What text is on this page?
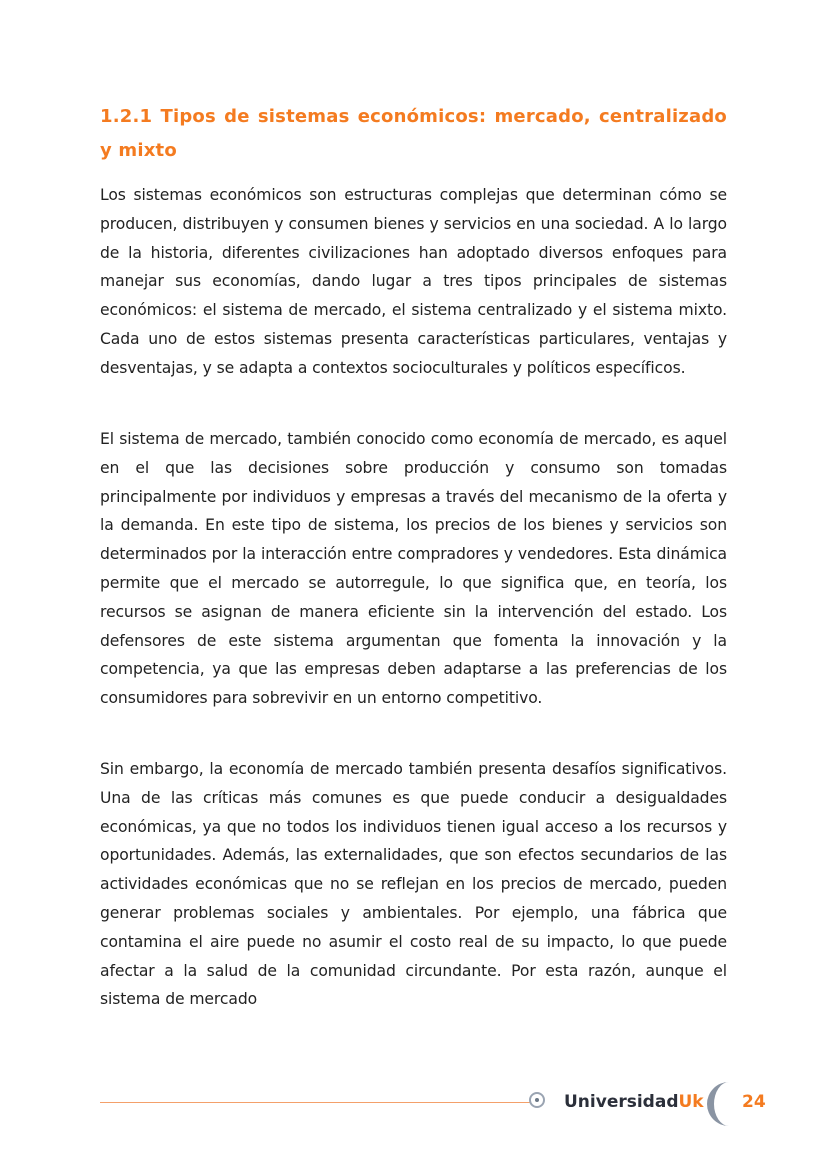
1.2.1 Tipos de sistemas económicos: mercado, centralizado y mixto

Los sistemas económicos son estructuras complejas que determinan cómo se producen, distribuyen y consumen bienes y servicios en una sociedad. A lo largo de la historia, diferentes civilizaciones han adoptado diversos enfoques para manejar sus economías, dando lugar a tres tipos principales de sistemas económicos: el sistema de mercado, el sistema centralizado y el sistema mixto. Cada uno de estos sistemas presenta características particulares, ventajas y desventajas, y se adapta a contextos socioculturales y políticos específicos.

El sistema de mercado, también conocido como economía de mercado, es aquel en el que las decisiones sobre producción y consumo son tomadas principalmente por individuos y empresas a través del mecanismo de la oferta y la demanda. En este tipo de sistema, los precios de los bienes y servicios son determinados por la interacción entre compradores y vendedores. Esta dinámica permite que el mercado se autorregule, lo que significa que, en teoría, los recursos se asignan de manera eficiente sin la intervención del estado. Los defensores de este sistema argumentan que fomenta la innovación y la competencia, ya que las empresas deben adaptarse a las preferencias de los consumidores para sobrevivir en un entorno competitivo.

Sin embargo, la economía de mercado también presenta desafíos significativos. Una de las críticas más comunes es que puede conducir a desigualdades económicas, ya que no todos los individuos tienen igual acceso a los recursos y oportunidades. Además, las externalidades, que son efectos secundarios de las actividades económicas que no se reflejan en los precios de mercado, pueden generar problemas sociales y ambientales. Por ejemplo, una fábrica que contamina el aire puede no asumir el costo real de su impacto, lo que puede afectar a la salud de la comunidad circundante. Por esta razón, aunque el sistema de mercado

UniversidadUk 24
